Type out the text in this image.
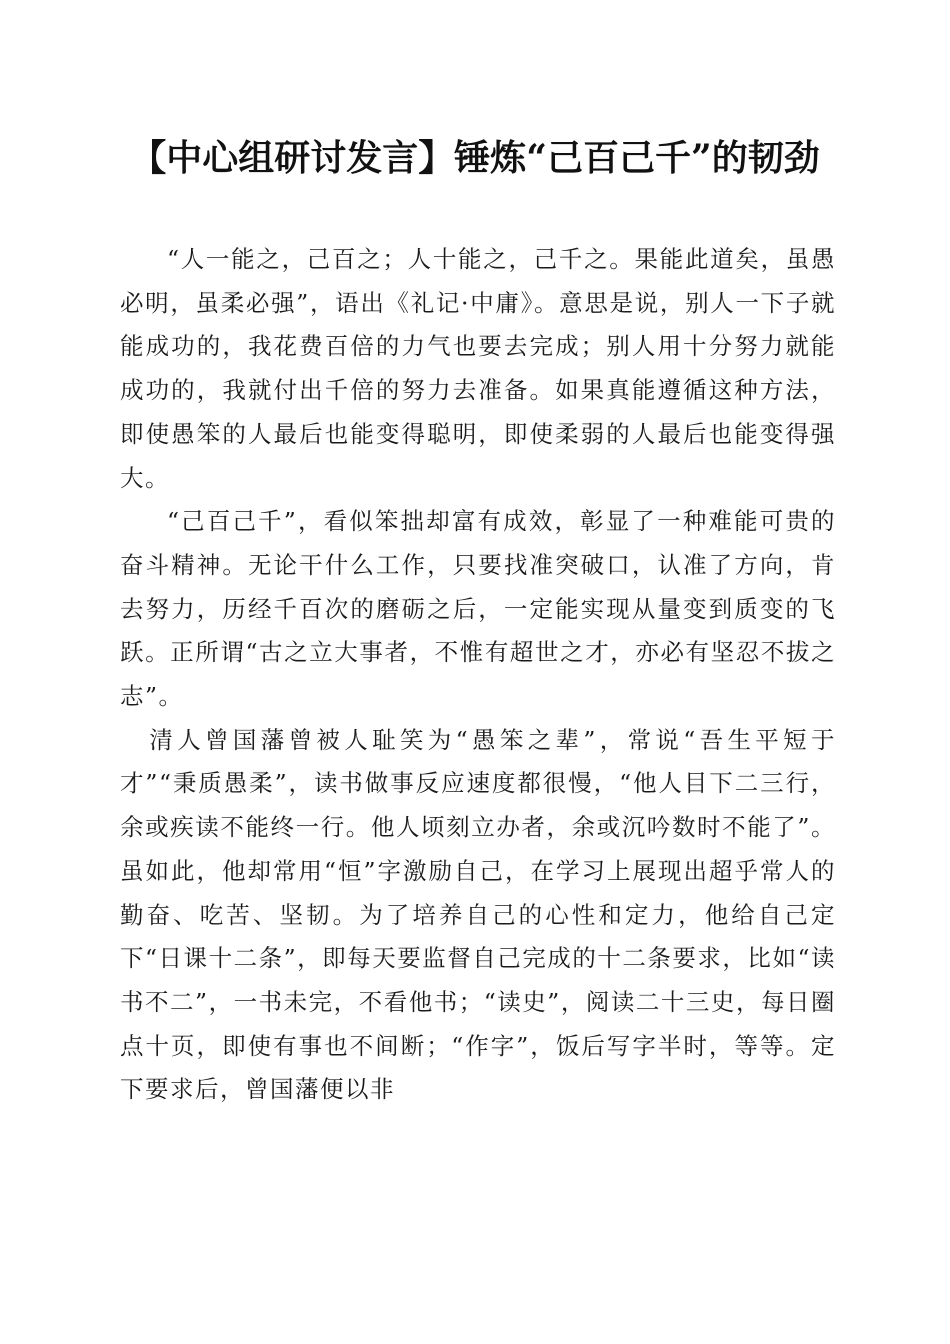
【中心组研讨发言】锤炼“己百己千”的韧劲

“人一能之，己百之；人十能之，己千之。果能此道矣，虽愚必明，虽柔必强”，语出《礼记·中庸》。意思是说，别人一下子就能成功的，我花费百倍的力气也要去完成；别人用十分努力就能成功的，我就付出千倍的努力去准备。如果真能遵循这种方法，即使愚笨的人最后也能变得聪明，即使柔弱的人最后也能变得强大。

“己百己千”，看似笨拙却富有成效，彰显了一种难能可贵的奋斗精神。无论干什么工作，只要找准突破口，认准了方向，肯去努力，历经千百次的磨砺之后，一定能实现从量变到质变的飞跃。正所谓“古之立大事者，不惟有超世之才，亦必有坚忍不拔之志”。

清人曾国藩曾被人耻笑为“愚笨之辈”，常说“吾生平短于才”“秉质愚柔”，读书做事反应速度都很慢，“他人目下二三行，余或疾读不能终一行。他人顷刻立办者，余或沉吟数时不能了”。虽如此，他却常用“恒”字激励自己，在学习上展现出超乎常人的勤奋、吃苦、坚韧。为了培养自己的心性和定力，他给自己定下“日课十二条”，即每天要监督自己完成的十二条要求，比如“读书不二”，一书未完，不看他书；“读史”，阅读二十三史，每日圈点十页，即使有事也不间断；“作字”，饭后写字半时，等等。定下要求后，曾国藩便以非
